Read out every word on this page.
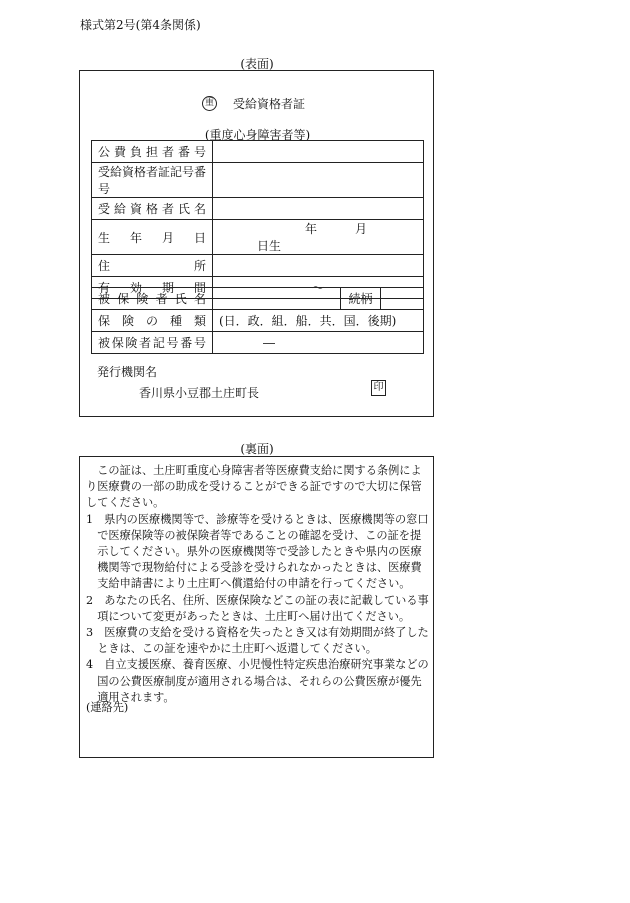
様式第2号(第4条関係)
(表面)
(重度心身障害者等)
公費負担者番号	
受給資格者証記号番号	
受給資格者氏名	
生年月日	年 月日生
住所	
有効期間	～
被保険者氏名		続柄	
保険の種類	(日．政．組．船．共．国．後期)		
被保険者記号番号	―		
発行機関名
香川県小豆郡土庄町長	印
重 受給資格者証
(裏面)

この証は、土庄町重度心身障害者等医療費支給に関する条例により医療費の一部の助成を受けることができる証ですので大切に保管してください。

1　県内の医療機関等で、診療等を受けるときは、医療機関等の窓口で医療保険等の被保険者等であることの確認を受け、この証を提示してください。県外の医療機関等で受診したときや県内の医療機関等で現物給付による受診を受けられなかったときは、医療費支給申請書により土庄町へ償還給付の申請を行ってください。

2　あなたの氏名、住所、医療保険などこの証の表に記載している事項について変更があったときは、土庄町へ届け出てください。

3　医療費の支給を受ける資格を失ったとき又は有効期間が終了したときは、この証を速やかに土庄町へ返還してください。

4　自立支援医療、養育医療、小児慢性特定疾患治療研究事業などの国の公費医療制度が適用される場合は、それらの公費医療が優先適用されます。

(連絡先)
